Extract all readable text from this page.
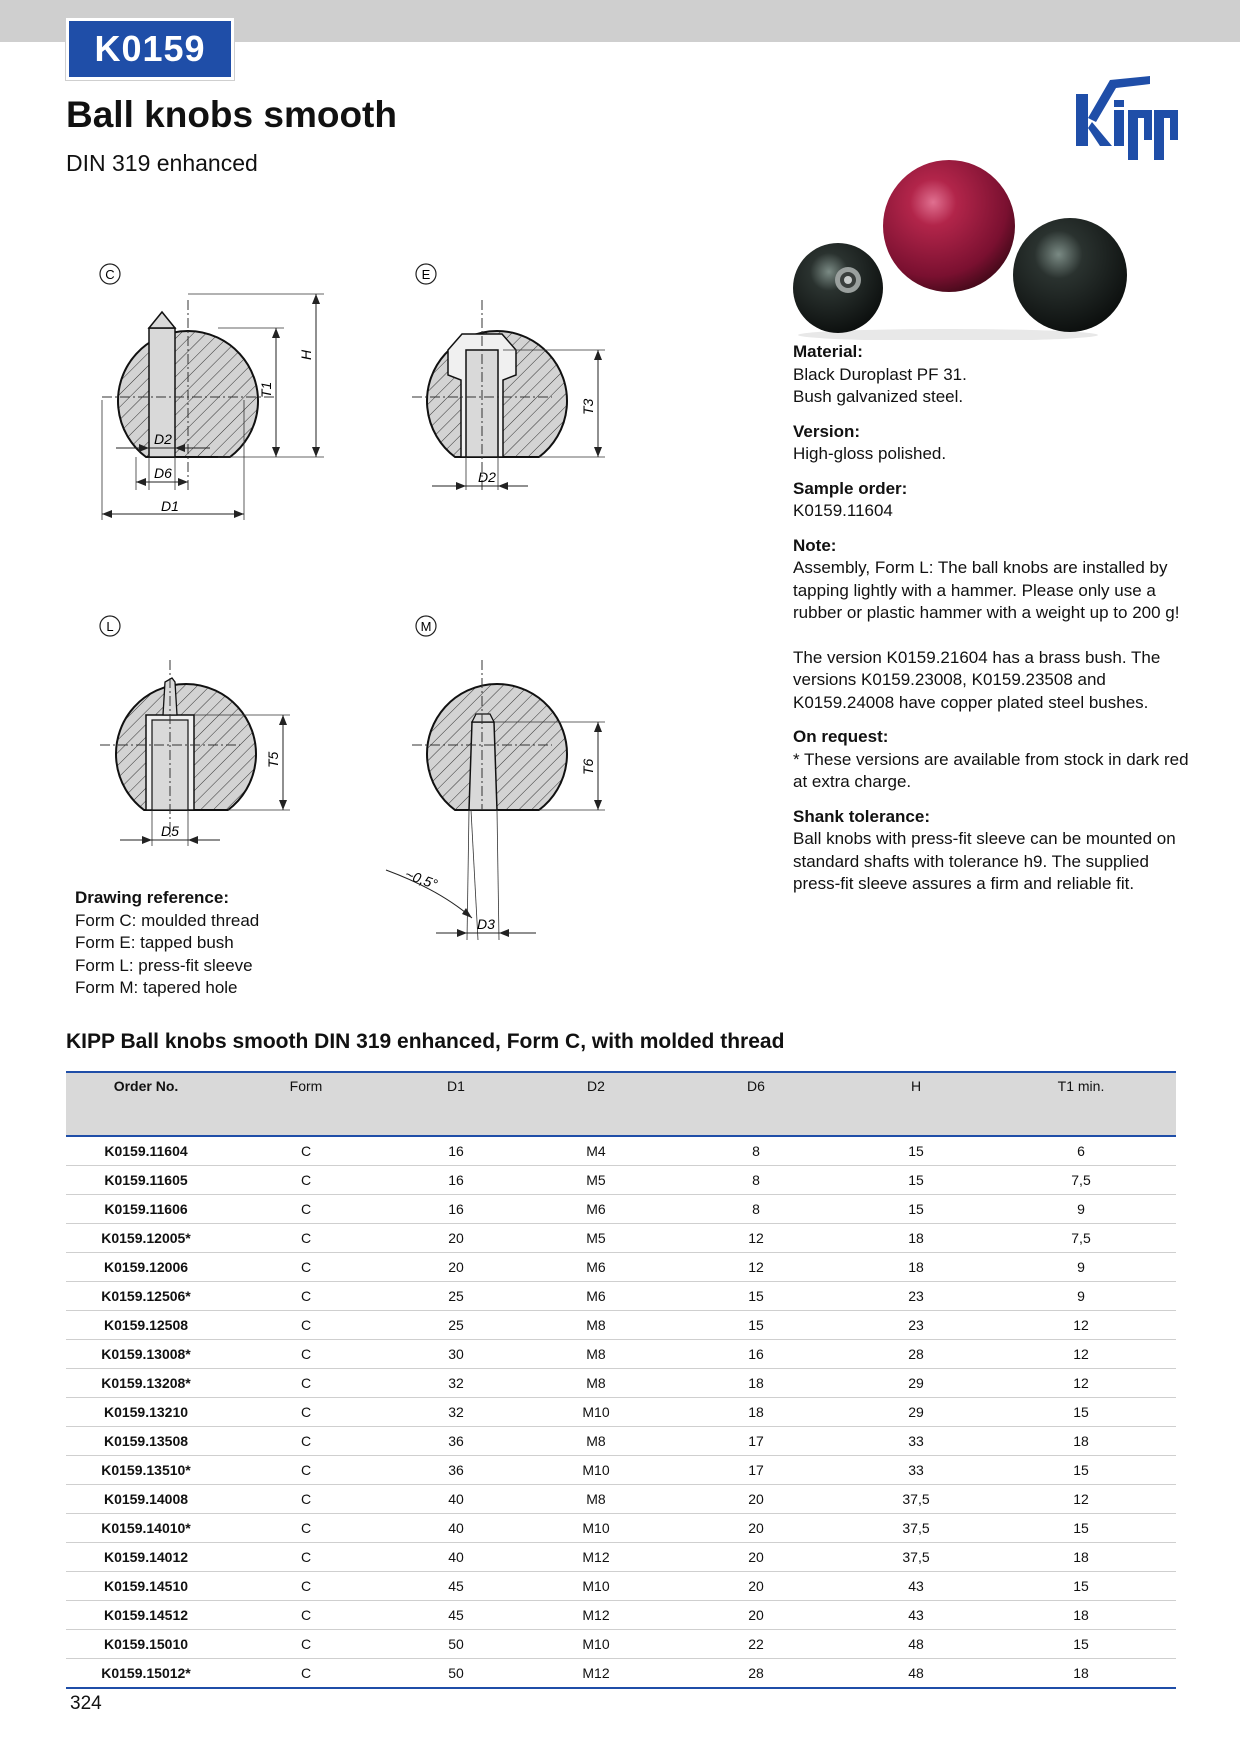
K0159
Ball knobs smooth
DIN 319 enhanced
C
T1
H
D2
D6
D1
E
T3
D2
L
T5
D5
M
T6
D3
~0,5°
Material:

Black Duroplast PF 31.

Bush galvanized steel.

Version:

High-gloss polished.

Sample order:

K0159.11604

Note:

Assembly, Form L: The ball knobs are installed by tapping lightly with a hammer. Please only use a rubber or plastic hammer with a weight up to 200 g!

The version K0159.21604 has a brass bush. The versions K0159.23008, K0159.23508 and K0159.24008 have copper plated steel bushes.

On request:

* These versions are available from stock in dark red at extra charge.

Shank tolerance:

Ball knobs with press-fit sleeve can be mounted on standard shafts with tolerance h9. The supplied press-fit sleeve assures a firm and reliable fit.

Drawing reference:
Form C: moulded thread
Form E: tapped bush
Form L: press-fit sleeve
Form M: tapered hole
KIPP Ball knobs smooth DIN 319 enhanced, Form C, with molded thread
Order No.	Form	D1	D2	D6	H	T1 min.
K0159.11604	C	16	M4	8	15	6
K0159.11605	C	16	M5	8	15	7,5
K0159.11606	C	16	M6	8	15	9
K0159.12005*	C	20	M5	12	18	7,5
K0159.12006	C	20	M6	12	18	9
K0159.12506*	C	25	M6	15	23	9
K0159.12508	C	25	M8	15	23	12
K0159.13008*	C	30	M8	16	28	12
K0159.13208*	C	32	M8	18	29	12
K0159.13210	C	32	M10	18	29	15
K0159.13508	C	36	M8	17	33	18
K0159.13510*	C	36	M10	17	33	15
K0159.14008	C	40	M8	20	37,5	12
K0159.14010*	C	40	M10	20	37,5	15
K0159.14012	C	40	M12	20	37,5	18
K0159.14510	C	45	M10	20	43	15
K0159.14512	C	45	M12	20	43	18
K0159.15010	C	50	M10	22	48	15
K0159.15012*	C	50	M12	28	48	18
324
